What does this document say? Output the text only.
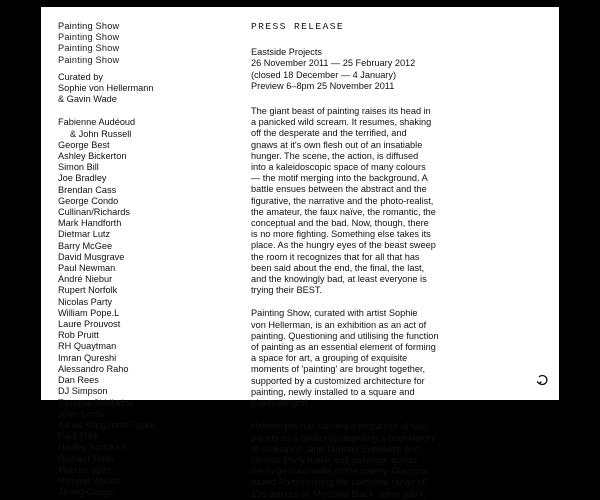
Painting Show
Painting Show
Painting Show
Painting Show
Curated by
Sophie von Hellermann
& Gavin Wade
Fabienne Audéoud
& John Russell
George Best
Ashley Bickerton
Simon Bill
Joe Bradley
Brendan Cass
George Condo
Cullinan/Richards
Mark Handforth
Dietmar Lutz
Barry McGee
David Musgrave
Paul Newman
André Niebur
Rupert Norfolk
Nicolas Party
William Pope.L
Laure Prouvost
Rob Pruitt
RH Quaytman
Imran Qureshi
Alessandro Raho
Dan Rees
DJ Simpson
Tamuna Sirbiladze
Josh Smith
Alexis Marguerite Teplin
Paul Thek
Hayley Tompkins
Richard Tuttle
Markus Vater
Richard Woods
Zheng Guogu
PRESS RELEASE
Eastside Projects
26 November 2011 — 25 February 2012
(closed 18 December — 4 January)
Preview 6–8pm 25 November 2011
The giant beast of painting raises its head in
a panicked wild scream. It resumes, shaking
off the desperate and the terrified, and
gnaws at it's own flesh out of an insatiable
hunger. The scene, the action, is diffused
into a kaleidoscopic space of many colours
— the motif merging into the background. A
battle ensues between the abstract and the
figurative, the narrative and the photo-realist,
the amateur, the faux naïve, the romantic, the
conceptual and the bad. Now, though, there
is no more fighting. Something else takes its
place. As the hungry eyes of the beast sweep
the room it recognizes that for all that has
been said about the end, the final, the last,
and the knowingly bad, at least everyone is
trying their BEST.
Painting Show, curated with artist Sophie
von Hellerman, is an exhibition as an act of
painting. Questioning and utilising the function
of painting as an essential element of forming
a space for art, a grouping of exquisite
moments of 'painting' are brought together,
supported by a customized architecture for
painting, newly installed to a square and
triangular grid.
Hellermann has painted a sequence of wall
panels as a backdrop depicting a brief history
of civilization, and Tamuna Sirbiladze and
Nicolas Party make wall paintings across
the large main walls of the gallery. Glasgow
based Party is using the complete range of
136 colours of 'Montana Black' spray paint,
